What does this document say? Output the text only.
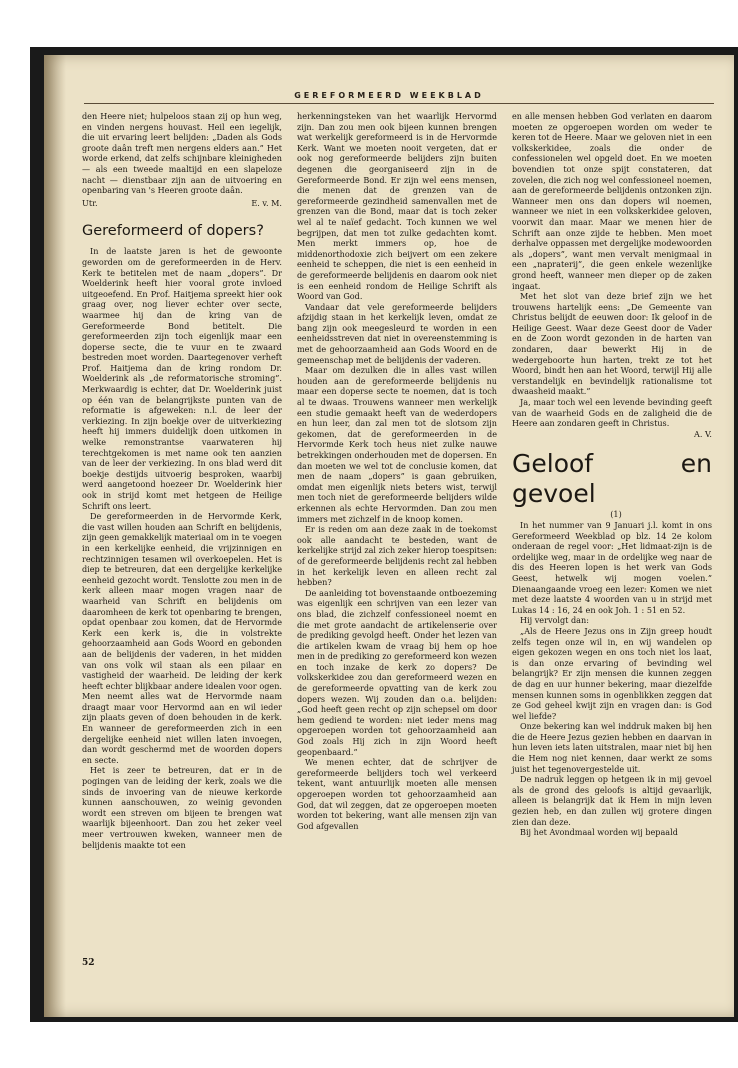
GEREFORMEERD WEEKBLAD

den Heere niet; hulpeloos staan zij op hun weg, en vinden nergens houvast. Heil een iegelijk, die uit ervaring leert belijden: „Daden als Gods groote daân treft men nergens elders aan.” Het worde erkend, dat zelfs schijnbare kleinigheden — als een tweede maaltijd en een slapeloze nacht — dienstbaar zijn aan de uitvoering en openbaring van 's Heeren groote daân.

Utr.	E. v. M.
Gereformeerd of dopers?

In de laatste jaren is het de gewoonte geworden om de gereformeerden in de Herv. Kerk te betitelen met de naam „dopers”. Dr Woelderink heeft hier vooral grote invloed uitgeoefend. En Prof. Haitjema spreekt hier ook graag over, nog liever echter over secte, waarmee hij dan de kring van de Gereformeerde Bond betitelt. Die gereformeerden zijn toch eigenlijk maar een doperse secte, die te vuur en te zwaard bestreden moet worden. Daartegenover verheft Prof. Haitjema dan de kring rondom Dr. Woelderink als „de reformatorische stroming”. Merkwaardig is echter, dat Dr. Woelderink juist op één van de belangrijkste punten van de reformatie is afgeweken: n.l. de leer der verkiezing. In zijn boekje over de uitverkiezing heeft hij immers duidelijk doen uitkomen in welke remonstrantse vaarwateren hij terechtgekomen is met name ook ten aanzien van de leer der verkiezing. In ons blad werd dit boekje destijds uitvoerig besproken, waarbij werd aangetoond hoezeer Dr. Woelderink hier ook in strijd komt met hetgeen de Heilige Schrift ons leert.

De gereformeerden in de Hervormde Kerk, die vast willen houden aan Schrift en belijdenis, zijn geen gemakkelijk materiaal om in te voegen in een kerkelijke eenheid, die vrijzinnigen en rechtzinnigen tesamen wil overkoepelen. Het is diep te betreuren, dat een dergelijke kerkelijke eenheid gezocht wordt. Tenslotte zou men in de kerk alleen maar mogen vragen naar de waarheid van Schrift en belijdenis om daaromheen de kerk tot openbaring te brengen, opdat openbaar zou komen, dat de Hervormde Kerk een kerk is, die in volstrekte gehoorzaamheid aan Gods Woord en gebonden aan de belijdenis der vaderen, in het midden van ons volk wil staan als een pilaar en vastigheid der waarheid. De leiding der kerk heeft echter blijkbaar andere idealen voor ogen. Men neemt alles wat de Hervormde naam draagt maar voor Hervormd aan en wil ieder zijn plaats geven of doen behouden in de kerk. En wanneer de gereformeerden zich in een dergelijke eenheid niet willen laten invoegen, dan wordt geschermd met de woorden dopers en secte.

Het is zeer te betreuren, dat er in de pogingen van de leiding der kerk, zoals we die sinds de invoering van de nieuwe kerkorde kunnen aanschouwen, zo weinig gevonden wordt een streven om bijeen te brengen wat waarlijk bijeenhoort. Dan zou het zeker veel meer vertrouwen kweken, wanneer men de belijdenis maakte tot een

herkenningsteken van het waarlijk Hervormd zijn. Dan zou men ook bijeen kunnen brengen wat werkelijk gereformeerd is in de Hervormde Kerk. Want we moeten nooit vergeten, dat er ook nog gereformeerde belijders zijn buiten degenen die georganiseerd zijn in de Gereformeerde Bond. Er zijn wel eens mensen, die menen dat de grenzen van de gereformeerde gezindheid samenvallen met de grenzen van die Bond, maar dat is toch zeker wel al te naïef gedacht. Toch kunnen we wel begrijpen, dat men tot zulke gedachten komt. Men merkt immers op, hoe de middenorthodoxie zich beijvert om een zekere eenheid te scheppen, die niet is een eenheid in de gereformeerde belijdenis en daarom ook niet is een eenheid rondom de Heilige Schrift als Woord van God.

Vandaar dat vele gereformeerde belijders afzijdig staan in het kerkelijk leven, omdat ze bang zijn ook meegesleurd te worden in een eenheidsstreven dat niet in overeenstemming is met de gehoorzaamheid aan Gods Woord en de gemeenschap met de belijdenis der vaderen.

Maar om dezulken die in alles vast willen houden aan de gereformeerde belijdenis nu maar een doperse secte te noemen, dat is toch al te dwaas. Trouwens wanneer men werkelijk een studie gemaakt heeft van de wederdopers en hun leer, dan zal men tot de slotsom zijn gekomen, dat de gereformeerden in de Hervormde Kerk toch heus niet zulke nauwe betrekkingen onderhouden met de dopersen. En dan moeten we wel tot de conclusie komen, dat men de naam „dopers” is gaan gebruiken, omdat men eigenlijk niets beters wist, terwijl men toch niet de gereformeerde belijders wilde erkennen als echte Hervormden. Dan zou men immers met zichzelf in de knoop komen.

Er is reden om aan deze zaak in de toekomst ook alle aandacht te besteden, want de kerkelijke strijd zal zich zeker hierop toespitsen: of de gereformeerde belijdenis recht zal hebben in het kerkelijk leven en alleen recht zal hebben?

De aanleiding tot bovenstaande ontboezeming was eigenlijk een schrijven van een lezer van ons blad, die zichzelf confessioneel noemt en die met grote aandacht de artikelenserie over de prediking gevolgd heeft. Onder het lezen van die artikelen kwam de vraag bij hem op hoe men in de prediking zo gereformeerd kon wezen en toch inzake de kerk zo dopers? De volkskerkidee zou dan gereformeerd wezen en de gereformeerde opvatting van de kerk zou dopers wezen. Wij zouden dan o.a. belijden: „God heeft geen recht op zijn schepsel om door hem gediend te worden: niet ieder mens mag opgeroepen worden tot gehoorzaamheid aan God zoals Hij zich in zijn Woord heeft geopenbaard.”

We menen echter, dat de schrijver de gereformeerde belijders toch wel verkeerd tekent, want antuurlijk moeten alle mensen opgeroepen worden tot gehoorzaamheid aan God, dat wil zeggen, dat ze opgeroepen moeten worden tot bekering, want alle mensen zijn van God afgevallen

en alle mensen hebben God verlaten en daarom moeten ze opgeroepen worden om weder te keren tot de Heere. Maar we geloven niet in een volkskerkidee, zoals die onder de confessionelen wel opgeld doet. En we moeten bovendien tot onze spijt constateren, dat zovelen, die zich nog wel confessioneel noemen, aan de gereformeerde belijdenis ontzonken zijn. Wanneer men ons dan dopers wil noemen, wanneer we niet in een volkskerkidee geloven, voorwit dan maar. Maar we menen hier de Schrift aan onze zijde te hebben. Men moet derhalve oppassen met dergelijke modewoorden als „dopers”, want men vervalt menigmaal in een „napraterij”, die geen enkele wezenlijke grond heeft, wanneer men dieper op de zaken ingaat.

Met het slot van deze brief zijn we het trouwens hartelijk eens: „De Gemeente van Christus belijdt de eeuwen door: Ik geloof in de Heilige Geest. Waar deze Geest door de Vader en de Zoon wordt gezonden in de harten van zondaren, daar bewerkt Hij in de wedergeboorte hun harten, trekt ze tot het Woord, bindt hen aan het Woord, terwijl Hij alle verstandelijk en bevindelijk rationalisme tot dwaasheid maakt.”

Ja, maar toch wel een levende bevinding geeft van de waarheid Gods en de zaligheid die de Heere aan zondaren geeft in Christus.

A. V.

Geloof en gevoel

(1)

In het nummer van 9 Januari j.l. komt in ons Gereformeerd Weekblad op blz. 14 2e kolom onderaan de regel voor: „Het lidmaat-zijn is de ordelijke weg, maar in de ordelijke weg naar de dis des Heeren lopen is het werk van Gods Geest, hetwelk wij mogen voelen.” Dienaangaande vroeg een lezer: Komen we niet met deze laatste 4 woorden van u in strijd met Lukas 14 : 16, 24 en ook Joh. 1 : 51 en 52.

Hij vervolgt dan:

„Als de Heere Jezus ons in Zijn greep houdt zelfs tegen onze wil in, en wij wandelen op eigen gekozen wegen en ons toch niet los laat, is dan onze ervaring of bevinding wel belangrijk? Er zijn mensen die kunnen zeggen de dag en uur hunner bekering, maar diezelfde mensen kunnen soms in ogenblikken zeggen dat ze God geheel kwijt zijn en vragen dan: is God wel liefde?

Onze bekering kan wel inddruk maken bij hen die de Heere Jezus gezien hebben en daarvan in hun leven iets laten uitstralen, maar niet bij hen die Hem nog niet kennen, daar werkt ze soms juist het tegenovergestelde uit.

De nadruk leggen op hetgeen ik in mij gevoel als de grond des geloofs is altijd gevaarlijk, alleen is belangrijk dat ik Hem in mijn leven gezien heb, en dan zullen wij grotere dingen zien dan deze.

Bij het Avondmaal worden wij bepaald

52
